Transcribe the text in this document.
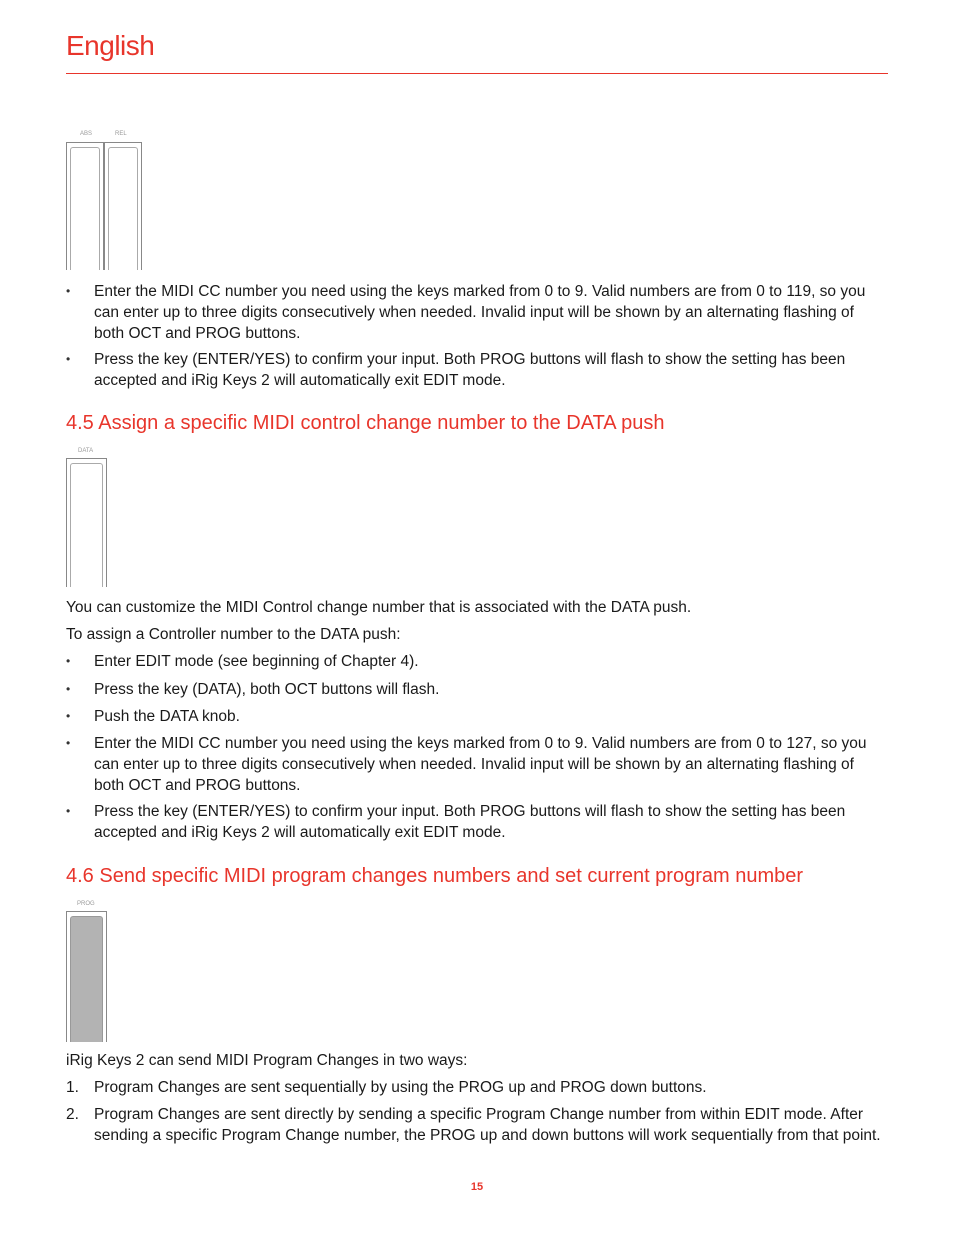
English
ABS	REL
•	Enter the MIDI CC number you need using the keys marked from 0 to 9. Valid numbers are from 0 to 119, so you can enter up to three digits consecutively when needed. Invalid input will be shown by an alternating flashing of both OCT and PROG buttons.
•	Press the key (ENTER/YES) to confirm your input. Both PROG buttons will flash to show the setting has been accepted and iRig Keys 2 will automatically exit EDIT mode.
4.5 Assign a specific MIDI control change number to the DATA push
DATA
You can customize the MIDI Control change number that is associated with the DATA push.
To assign a Controller number to the DATA push:
•	Enter EDIT mode (see beginning of Chapter 4).
•	Press the key (DATA), both OCT buttons will flash.
•	Push the DATA knob.
•	Enter the MIDI CC number you need using the keys marked from 0 to 9. Valid numbers are from 0 to 127, so you can enter up to three digits consecutively when needed. Invalid input will be shown by an alternating flashing of both OCT and PROG buttons.
•	Press the key (ENTER/YES) to confirm your input. Both PROG buttons will flash to show the setting has been accepted and iRig Keys 2 will automatically exit EDIT mode.
4.6 Send specific MIDI program changes numbers and set current program number
PROG
iRig Keys 2 can send MIDI Program Changes in two ways:
1. Program Changes are sent sequentially by using the PROG up and PROG down buttons.
2. Program Changes are sent directly by sending a specific Program Change number from within EDIT mode. After sending a specific Program Change number, the PROG up and down buttons will work sequentially from that point.
15
